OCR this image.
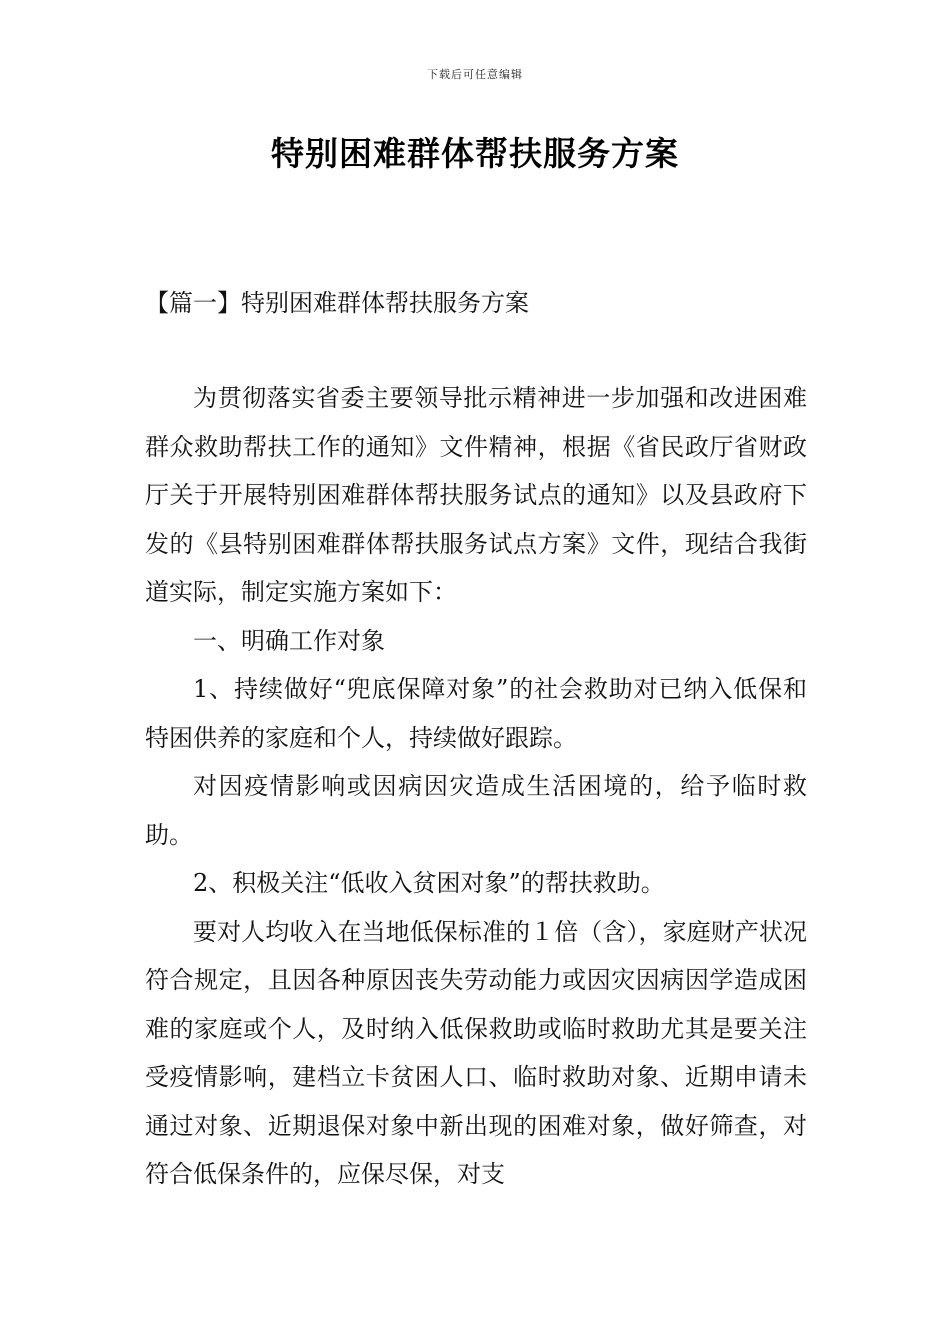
下载后可任意编辑
特别困难群体帮扶服务方案
【篇一】特别困难群体帮扶服务方案

为贯彻落实省委主要领导批示精神进一步加强和改进困难群众救助帮扶工作的通知》文件精神，根据《省民政厅省财政厅关于开展特别困难群体帮扶服务试点的通知》以及县政府下发的《县特别困难群体帮扶服务试点方案》文件，现结合我街道实际，制定实施方案如下：

一、明确工作对象

1、持续做好“兜底保障对象”的社会救助对已纳入低保和特困供养的家庭和个人，持续做好跟踪。

对因疫情影响或因病因灾造成生活困境的，给予临时救助。

2、积极关注“低收入贫困对象”的帮扶救助。

要对人均收入在当地低保标准的１倍（含），家庭财产状况符合规定，且因各种原因丧失劳动能力或因灾因病因学造成困难的家庭或个人，及时纳入低保救助或临时救助尤其是要关注受疫情影响，建档立卡贫困人口、临时救助对象、近期申请未通过对象、近期退保对象中新出现的困难对象，做好筛查，对符合低保条件的，应保尽保，对支
